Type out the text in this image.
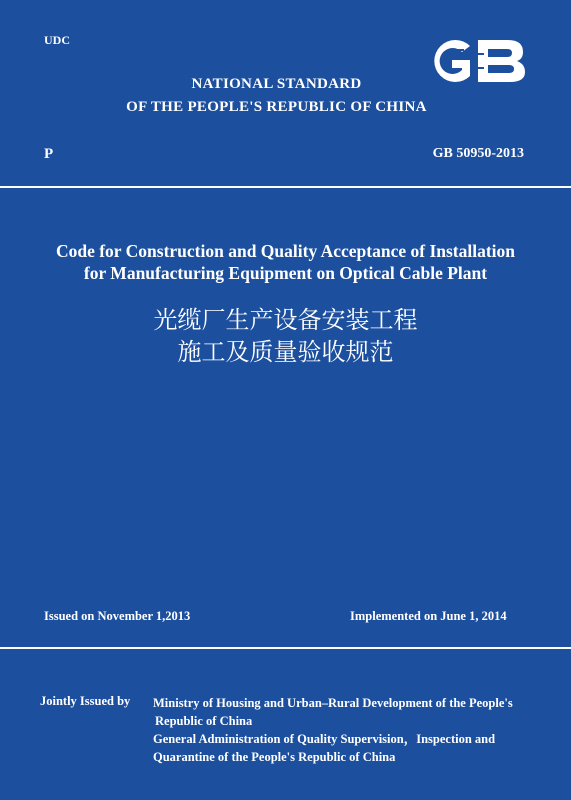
UDC
NATIONAL STANDARD
OF THE PEOPLE'S REPUBLIC OF CHINA
P	GB 50950-2013
Code for Construction and Quality Acceptance of Installation
for Manufacturing Equipment on Optical Cable Plant
光缆厂生产设备安装工程
施工及质量验收规范
Issued on November 1,2013	Implemented on June 1, 2014
Jointly Issued by Ministry of Housing and Urban–Rural Development of the People's
Republic of China
General Administration of Quality Supervision，Inspection and
Quarantine of the People's Republic of China
